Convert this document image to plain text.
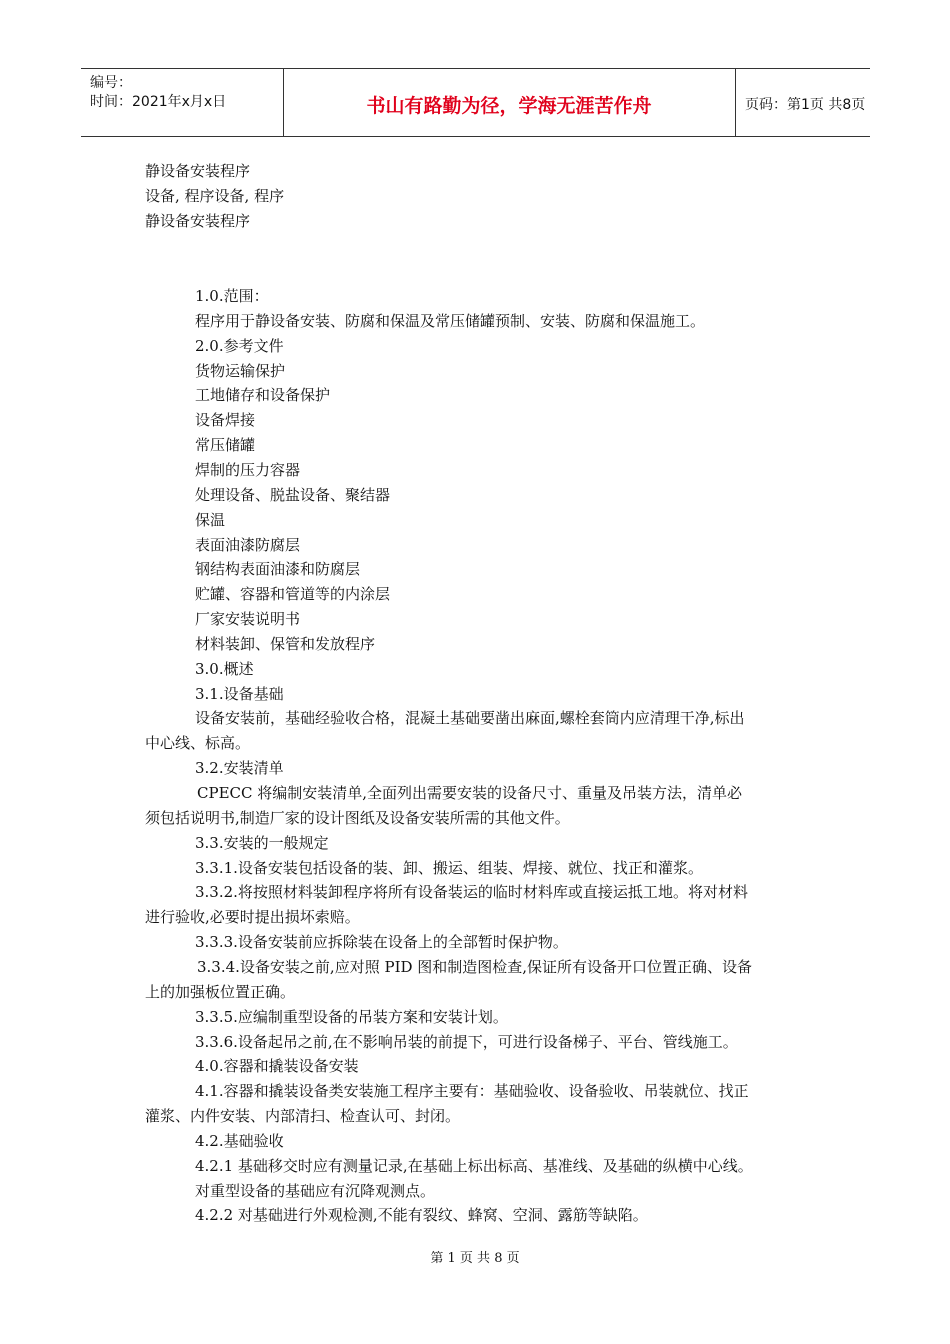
编号：
时间：2021年x月x日	书山有路勤为径，学海无涯苦作舟	页码：第1页 共8页
静设备安装程序
设备, 程序设备, 程序
静设备安装程序
1.0.范围：
程序用于静设备安装、防腐和保温及常压储罐预制、安装、防腐和保温施工。
2.0.参考文件
货物运输保护
工地储存和设备保护
设备焊接
常压储罐
焊制的压力容器
处理设备、脱盐设备、聚结器
保温
表面油漆防腐层
钢结构表面油漆和防腐层
贮罐、容器和管道等的内涂层
厂家安装说明书
材料装卸、保管和发放程序
3.0.概述
3.1.设备基础
设备安装前，基础经验收合格，混凝土基础要凿出麻面,螺栓套筒内应清理干净,标出
中心线、标高。
3.2.安装清单
CPECC 将编制安装清单,全面列出需要安装的设备尺寸、重量及吊装方法，清单必
须包括说明书,制造厂家的设计图纸及设备安装所需的其他文件。
3.3.安装的一般规定
3.3.1.设备安装包括设备的装、卸、搬运、组装、焊接、就位、找正和灌浆。
3.3.2.将按照材料装卸程序将所有设备装运的临时材料库或直接运抵工地。将对材料
进行验收,必要时提出损坏索赔。
3.3.3.设备安装前应拆除装在设备上的全部暂时保护物。
3.3.4.设备安装之前,应对照 PID 图和制造图检查,保证所有设备开口位置正确、设备
上的加强板位置正确。
3.3.5.应编制重型设备的吊装方案和安装计划。
3.3.6.设备起吊之前,在不影响吊装的前提下，可进行设备梯子、平台、管线施工。
4.0.容器和撬装设备安装
4.1.容器和撬装设备类安装施工程序主要有：基础验收、设备验收、吊装就位、找正
灌浆、内件安装、内部清扫、检查认可、封闭。
4.2.基础验收
4.2.1 基础移交时应有测量记录,在基础上标出标高、基准线、及基础的纵横中心线。
对重型设备的基础应有沉降观测点。
4.2.2 对基础进行外观检测,不能有裂纹、蜂窝、空洞、露筋等缺陷。
第 1 页 共 8 页
